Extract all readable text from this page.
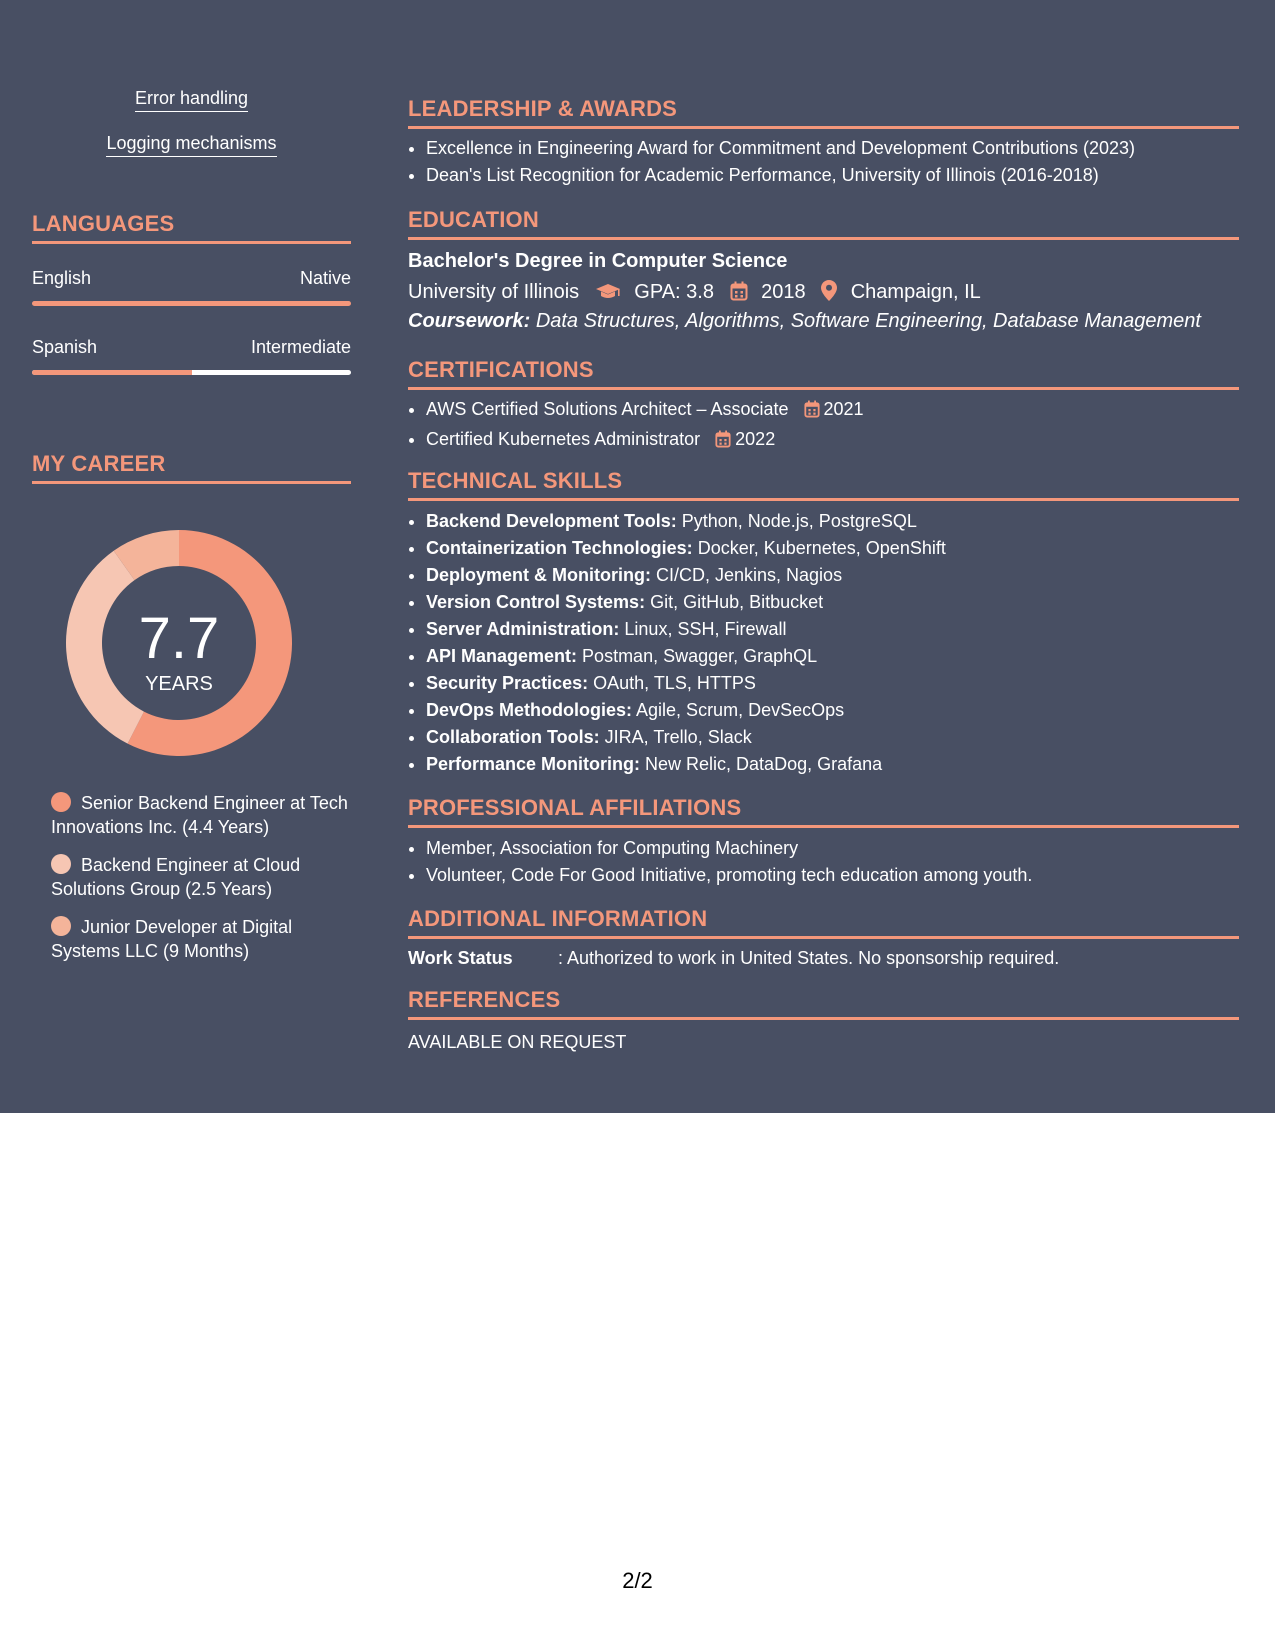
Error handling
Logging mechanisms
LANGUAGES
English	Native
Spanish	Intermediate
MY CAREER
7.7
YEARS
Senior Backend Engineer at Tech Innovations Inc. (4.4 Years)
Backend Engineer at Cloud Solutions Group (2.5 Years)
Junior Developer at Digital Systems LLC (9 Months)
LEADERSHIP & AWARDS
• Excellence in Engineering Award for Commitment and Development Contributions (2023)
• Dean's List Recognition for Academic Performance, University of Illinois (2016-2018)
EDUCATION
Bachelor's Degree in Computer Science
University of Illinois	GPA: 3.8 2018 Champaign, IL
Coursework: Data Structures, Algorithms, Software Engineering, Database Management
CERTIFICATIONS
• AWS Certified Solutions Architect – Associate 2021
• Certified Kubernetes Administrator 2022
TECHNICAL SKILLS
• Backend Development Tools: Python, Node.js, PostgreSQL
• Containerization Technologies: Docker, Kubernetes, OpenShift
• Deployment & Monitoring: CI/CD, Jenkins, Nagios
• Version Control Systems: Git, GitHub, Bitbucket
• Server Administration: Linux, SSH, Firewall
• API Management: Postman, Swagger, GraphQL
• Security Practices: OAuth, TLS, HTTPS
• DevOps Methodologies: Agile, Scrum, DevSecOps
• Collaboration Tools: JIRA, Trello, Slack
• Performance Monitoring: New Relic, DataDog, Grafana
PROFESSIONAL AFFILIATIONS
• Member, Association for Computing Machinery
• Volunteer, Code For Good Initiative, promoting tech education among youth.
ADDITIONAL INFORMATION
Work Status	: Authorized to work in United States. No sponsorship required.
REFERENCES
AVAILABLE ON REQUEST
2/2
